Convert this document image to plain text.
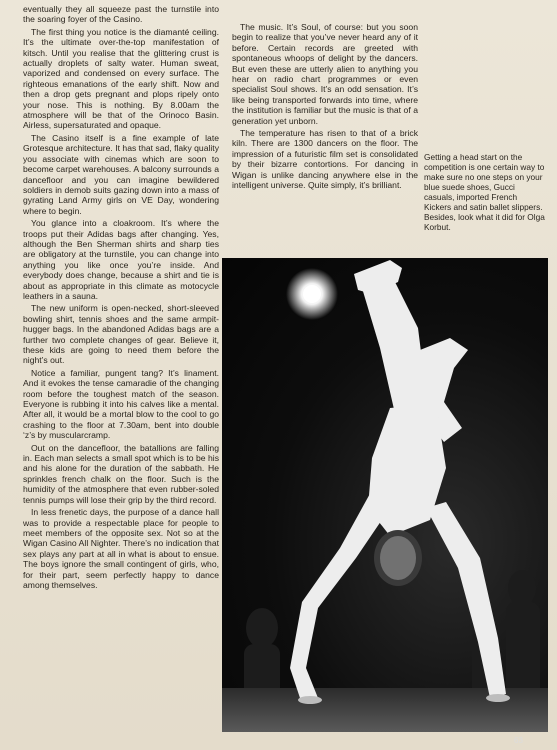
eventually they all squeeze past the turnstile into the soaring foyer of the Casino.

The first thing you notice is the diamanté ceiling. It’s the ultimate over-the-top manifestation of kitsch. Until you realise that the glittering crust is actually droplets of salty water. Human sweat, vaporized and condensed on every surface. The righteous emanations of the early shift. Now and then a drop gets pregnant and plops ripely onto your nose. This is nothing. By 8.00am the atmosphere will be that of the Orinoco Basin. Airless, supersaturated and opaque.

The Casino itself is a fine example of late Grotesque architecture. It has that sad, flaky quality you associate with cinemas which are soon to become carpet warehouses. A balcony surrounds a dancefloor and you can imagine bewildered soldiers in demob suits gazing down into a mass of gyrating Land Army girls on VE Day, wondering where to begin.

You glance into a cloakroom. It’s where the troops put their Adidas bags after changing. Yes, although the Ben Sherman shirts and sharp ties are obligatory at the turnstile, you can change into anything you like once you’re inside. And everybody does change, because a shirt and tie is about as appropriate in this climate as motocycle leathers in a sauna.

The new uniform is open-necked, short-sleeved bowling shirt, tennis shoes and the same armpit-hugger bags. In the abandoned Adidas bags are a further two complete changes of gear. Believe it, these kids are going to need them before the night’s out.

Notice a familiar, pungent tang? It’s linament. And it evokes the tense camaradie of the changing room before the toughest match of the season. Everyone is rubbing it into his calves like a mental. After all, it would be a mortal blow to the cool to go crashing to the floor at 7.30am, bent into double ‘z’s by muscularcramp.

Out on the dancefloor, the batallions are falling in. Each man selects a small spot which is to be his and his alone for the duration of the sabbath. He sprinkles french chalk on the floor. Such is the humidity of the atmosphere that even rubber-soled tennis pumps will lose their grip by the third record.

In less frenetic days, the purpose of a dance hall was to provide a respectable place for people to meet members of the opposite sex. Not so at the Wigan Casino All Nighter. There’s no indication that sex plays any part at all in what is about to ensue. The boys ignore the small contingent of girls, who, for their part, seem perfectly happy to dance among themselves.

The music. It’s Soul, of course: but you soon begin to realize that you’ve never heard any of it before. Certain records are greeted with spontaneous whoops of delight by the dancers. But even these are utterly alien to anything you hear on radio chart programmes or even specialist Soul shows. It’s an odd sensation. It’s like being transported forwards into time, where the institution is familiar but the music is that of a generation yet unborn.

The temperature has risen to that of a brick kiln. There are 1300 dancers on the floor. The impression of a futuristic film set is consolidated by their bizarre contortions. For dancing in Wigan is unlike dancing anywhere else in the intelligent universe. Quite simply, it’s brilliant.

Getting a head start on the competition is one certain way to make sure no one steps on your blue suede shoes, Gucci casuals, imported French Kickers and satin ballet slippers. Besides, look what it did for Olga Korbut.
63
